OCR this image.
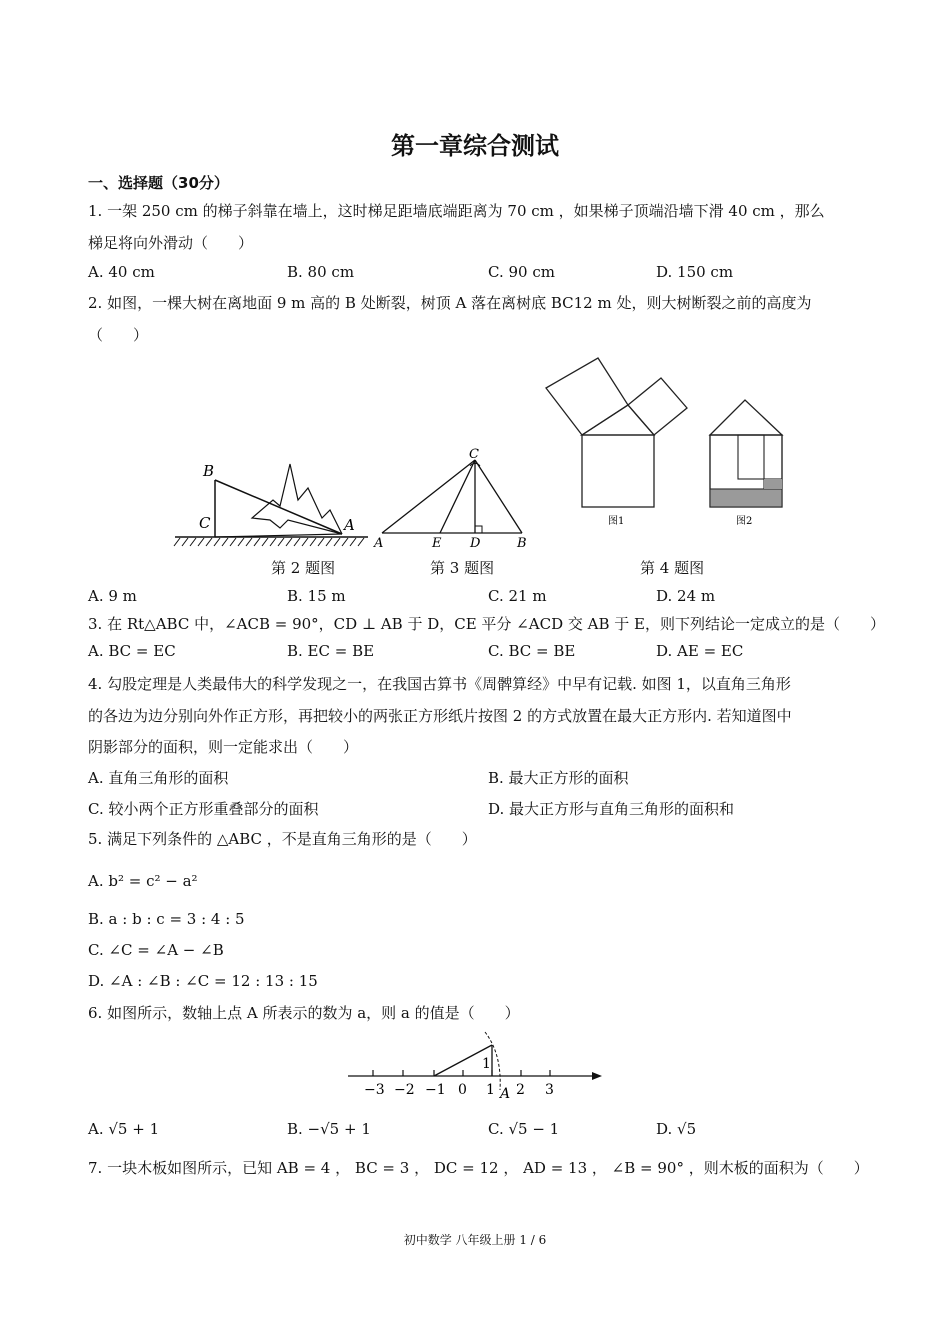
第一章综合测试
一、选择题（30分）
1. 一架 250 cm 的梯子斜靠在墙上，这时梯足距墙底端距离为 70 cm ，如果梯子顶端沿墙下滑 40 cm ，那么
梯足将向外滑动（　　）
A. 40 cm	B. 80 cm	C. 90 cm	D. 150 cm
2. 如图，一棵大树在离地面 9 m 高的 B 处断裂，树顶 A 落在离树底 BC12 m 处，则大树断裂之前的高度为
（　　）
B
C	A
C
A	E D	B
图1	图2
第 2 题图	第 3 题图	第 4 题图
A. 9 m	B. 15 m	C. 21 m	D. 24 m
3. 在 Rt△ABC 中，∠ACB = 90°，CD ⊥ AB 于 D，CE 平分 ∠ACD 交 AB 于 E，则下列结论一定成立的是（　　）
A. BC = EC	B. EC = BE	C. BC = BE	D. AE = EC
4. 勾股定理是人类最伟大的科学发现之一，在我国古算书《周髀算经》中早有记载. 如图 1，以直角三角形
的各边为边分别向外作正方形，再把较小的两张正方形纸片按图 2 的方式放置在最大正方形内. 若知道图中
阴影部分的面积，则一定能求出（　　）
A. 直角三角形的面积	B. 最大正方形的面积
C. 较小两个正方形重叠部分的面积	D. 最大正方形与直角三角形的面积和
5. 满足下列条件的 △ABC ，不是直角三角形的是（　　）
A. b² = c² − a²
B. a : b : c = 3 : 4 : 5
C. ∠C = ∠A − ∠B
D. ∠A : ∠B : ∠C = 12 : 13 : 15
6. 如图所示，数轴上点 A 所表示的数为 a，则 a 的值是（　　）
−3 −2 −1 0 1 2 3
1
A
A. √5 + 1	B. −√5 + 1	C. √5 − 1	D. √5
7. 一块木板如图所示，已知 AB = 4 ， BC = 3 ， DC = 12 ， AD = 13 ， ∠B = 90° ，则木板的面积为（　　）
初中数学 八年级上册 1 / 6
